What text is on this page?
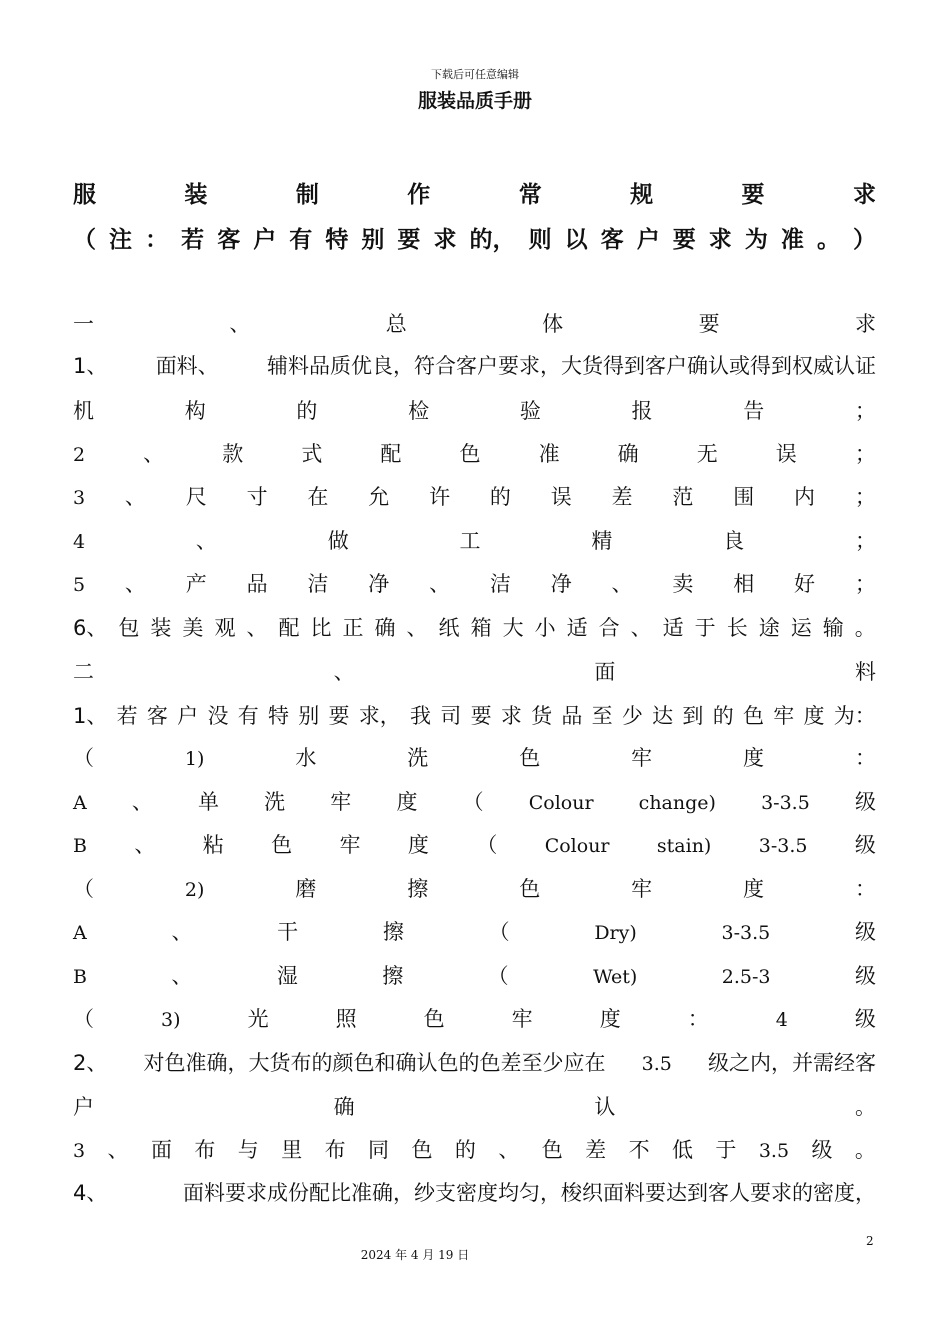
下载后可任意编辑
服装品质手册
服	装	制	作	常	规	要	求
（ 注 ： 若 客 户 有 特 别 要 求 的， 则 以 客 户 要 求 为 准 。 ）
一	、	总	体	要	求
1、 面料、 辅料品质优良，符合客户要求，大货得到客户确认或得到权威认证
机	构	的	检	验	报	告	；
2	、	款	式	配	色	准	确	无	误	；
3 、 尺 寸 在 允 许 的 误 差 范 围 内 ；
4	、	做	工	精	良	；
5 、 产 品 洁 净 、 洁 净 、 卖 相 好 ；
6、 包 装 美 观 、 配 比 正 确 、 纸 箱 大 小 适 合 、 适 于 长 途 运 输 。
二	、	面	料
1、 若 客 户 没 有 特 别 要 求， 我 司 要 求 货 品 至 少 达 到 的 色 牢 度 为：
（	1)	水	洗	色	牢	度	：
A 、 单 洗 牢 度 （ Colour change) 3-3.5 级
B 、 粘 色 牢 度 （ Colour stain) 3-3.5 级
（	2)	磨	擦	色	牢	度	：
A	、	干	擦	（	Dry)	3-3.5	级
B	、	湿	擦	（	Wet)	2.5-3	级
（	3)	光	照	色	牢	度	：	4	级
2、 对色准确，大货布的颜色和确认色的色差至少应在 3.5 级之内，并需经客
户	确	认	。
3 、 面 布 与 里 布 同 色 的 、 色 差 不 低 于 3.5 级 。
4、	面料要求成份配比准确，纱支密度均匀，梭织面料要达到客人要求的密度，
2
2024 年 4 月 19 日
